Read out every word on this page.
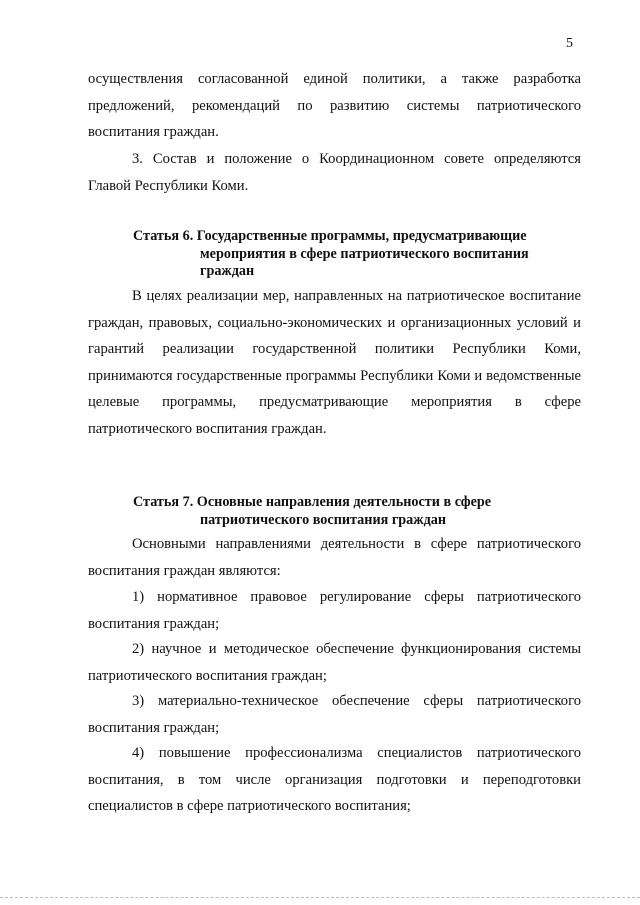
5

осуществления согласованной единой политики, а также разработка предложений, рекомендаций по развитию системы патриотического воспитания граждан.

3. Состав и положение о Координационном совете определяются Главой Республики Коми.

Статья 6. Государственные программы, предусматривающие
мероприятия в сфере патриотического воспитания
граждан

В целях реализации мер, направленных на патриотическое воспитание граждан, правовых, социально-экономических и организационных условий и гарантий реализации государственной политики Республики Коми, принимаются государственные программы Республики Коми и ведомственные целевые программы, предусматривающие мероприятия в сфере патриотического воспитания граждан.

Статья 7. Основные направления деятельности в сфере
патриотического воспитания граждан

Основными направлениями деятельности в сфере патриотического воспитания граждан являются:

1) нормативное правовое регулирование сферы патриотического воспитания граждан;

2) научное и методическое обеспечение функционирования системы патриотического воспитания граждан;

3) материально-техническое обеспечение сферы патриотического воспитания граждан;

4) повышение профессионализма специалистов патриотического воспитания, в том числе организация подготовки и переподготовки специалистов в сфере патриотического воспитания;
